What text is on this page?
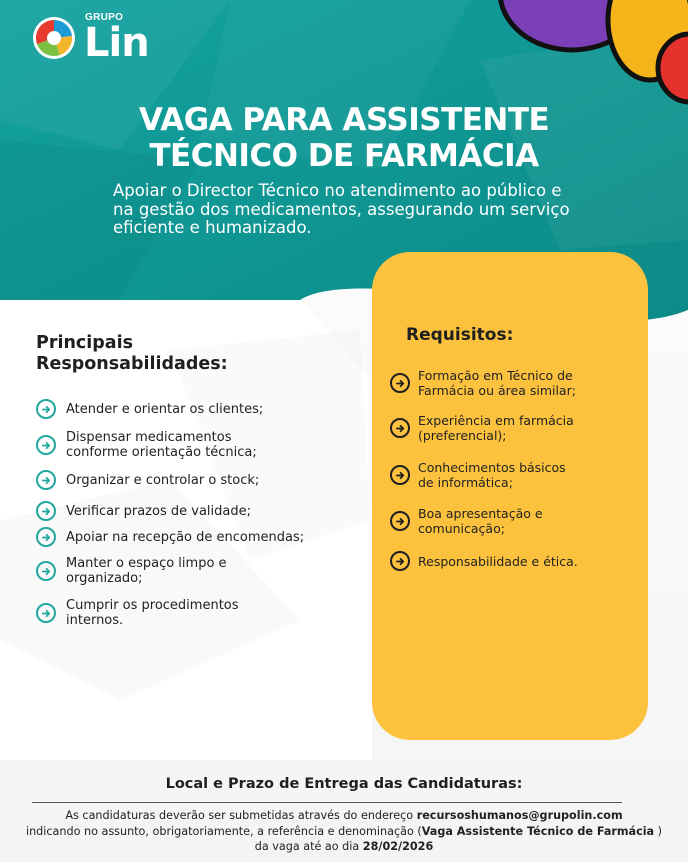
GRUPO
Lin
VAGA PARA ASSISTENTE
TÉCNICO DE FARMÁCIA

Apoiar o Director Técnico no atendimento ao público e
na gestão dos medicamentos, assegurando um serviço
eficiente e humanizado.

Principais
Responsabilidades:
Atender e orientar os clientes;
Dispensar medicamentos
conforme orientação técnica;
Organizar e controlar o stock;
Verificar prazos de validade;
Apoiar na recepção de encomendas;
Manter o espaço limpo e
organizado;
Cumprir os procedimentos
internos.
Requisitos:
Formação em Técnico de
Farmácia ou área similar;
Experiência em farmácia
(preferencial);
Conhecimentos básicos
de informática;
Boa apresentação e
comunicação;
Responsabilidade e ética.
Local e Prazo de Entrega das Candidaturas:

As candidaturas deverão ser submetidas através do endereço recursoshumanos@grupolin.com
indicando no assunto, obrigatoriamente, a referência e denominação (Vaga Assistente Técnico de Farmácia )
da vaga até ao dia 28/02/2026
